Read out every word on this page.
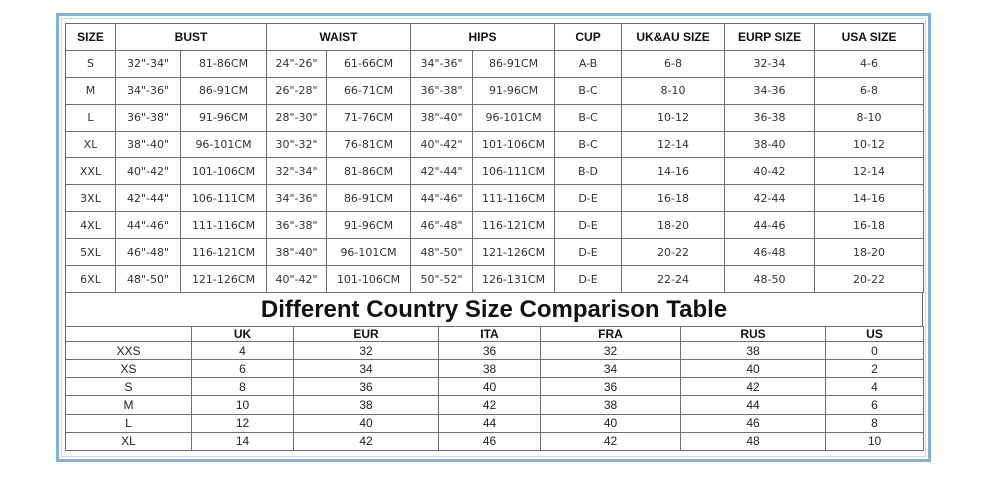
SIZE	BUST		WAIST		HIPS		CUP	UK&AU SIZE	EURP SIZE	USA SIZE
S	32"-34"	81-86CM	24"-26"	61-66CM	34"-36"	86-91CM	A-B	6-8	32-34	4-6
M	34"-36"	86-91CM	26"-28"	66-71CM	36"-38"	91-96CM	B-C	8-10	34-36	6-8
L	36"-38"	91-96CM	28"-30"	71-76CM	38"-40"	96-101CM	B-C	10-12	36-38	8-10
XL	38"-40"	96-101CM	30"-32"	76-81CM	40"-42"	101-106CM	B-C	12-14	38-40	10-12
XXL	40"-42"	101-106CM	32"-34"	81-86CM	42"-44"	106-111CM	B-D	14-16	40-42	12-14
3XL	42"-44"	106-111CM	34"-36"	86-91CM	44"-46"	111-116CM	D-E	16-18	42-44	14-16
4XL	44"-46"	111-116CM	36"-38"	91-96CM	46"-48"	116-121CM	D-E	18-20	44-46	16-18
5XL	46"-48"	116-121CM	38"-40"	96-101CM	48"-50"	121-126CM	D-E	20-22	46-48	18-20
6XL	48"-50"	121-126CM	40"-42"	101-106CM	50"-52"	126-131CM	D-E	22-24	48-50	20-22
Different Country Size Comparison Table
	UK	EUR	ITA	FRA	RUS	US
XXS	4	32	36	32	38	0
XS	6	34	38	34	40	2
S	8	36	40	36	42	4
M	10	38	42	38	44	6
L	12	40	44	40	46	8
XL	14	42	46	42	48	10
